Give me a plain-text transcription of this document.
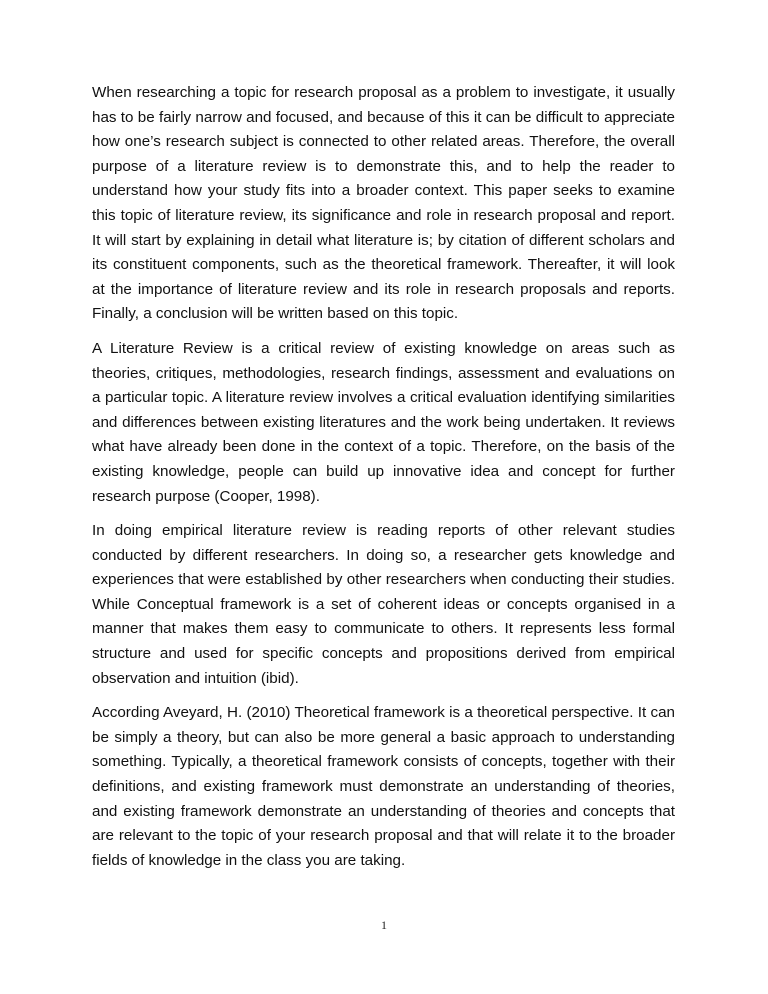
When researching a topic for research proposal as a problem to investigate, it usually has to be fairly narrow and focused, and because of this it can be difficult to appreciate how one’s research subject is connected to other related areas. Therefore, the overall purpose of a literature review is to demonstrate this, and to help the reader to understand how your study fits into a broader context. This paper seeks to examine this topic of literature review, its significance and role in research proposal and report. It will start by explaining in detail what literature is; by citation of different scholars and its constituent components, such as the theoretical framework. Thereafter, it will look at the importance of literature review and its role in research proposals and reports. Finally, a conclusion will be written based on this topic.

A Literature Review is a critical review of existing knowledge on areas such as theories, critiques, methodologies, research findings, assessment and evaluations on a particular topic. A literature review involves a critical evaluation identifying similarities and differences between existing literatures and the work being undertaken. It reviews what have already been done in the context of a topic. Therefore, on the basis of the existing knowledge, people can build up innovative idea and concept for further research purpose (Cooper, 1998).

In doing empirical literature review is reading reports of other relevant studies conducted by different researchers. In doing so, a researcher gets knowledge and experiences that were established by other researchers when conducting their studies. While Conceptual framework is a set of coherent ideas or concepts organised in a manner that makes them easy to communicate to others. It represents less formal structure and used for specific concepts and propositions derived from empirical observation and intuition (ibid).

According Aveyard, H. (2010) Theoretical framework is a theoretical perspective. It can be simply a theory, but can also be more general a basic approach to understanding something. Typically, a theoretical framework consists of concepts, together with their definitions, and existing framework must demonstrate an understanding of theories, and existing framework demonstrate an understanding of theories and concepts that are relevant to the topic of your research proposal and that will relate it to the broader fields of knowledge in the class you are taking.

1
